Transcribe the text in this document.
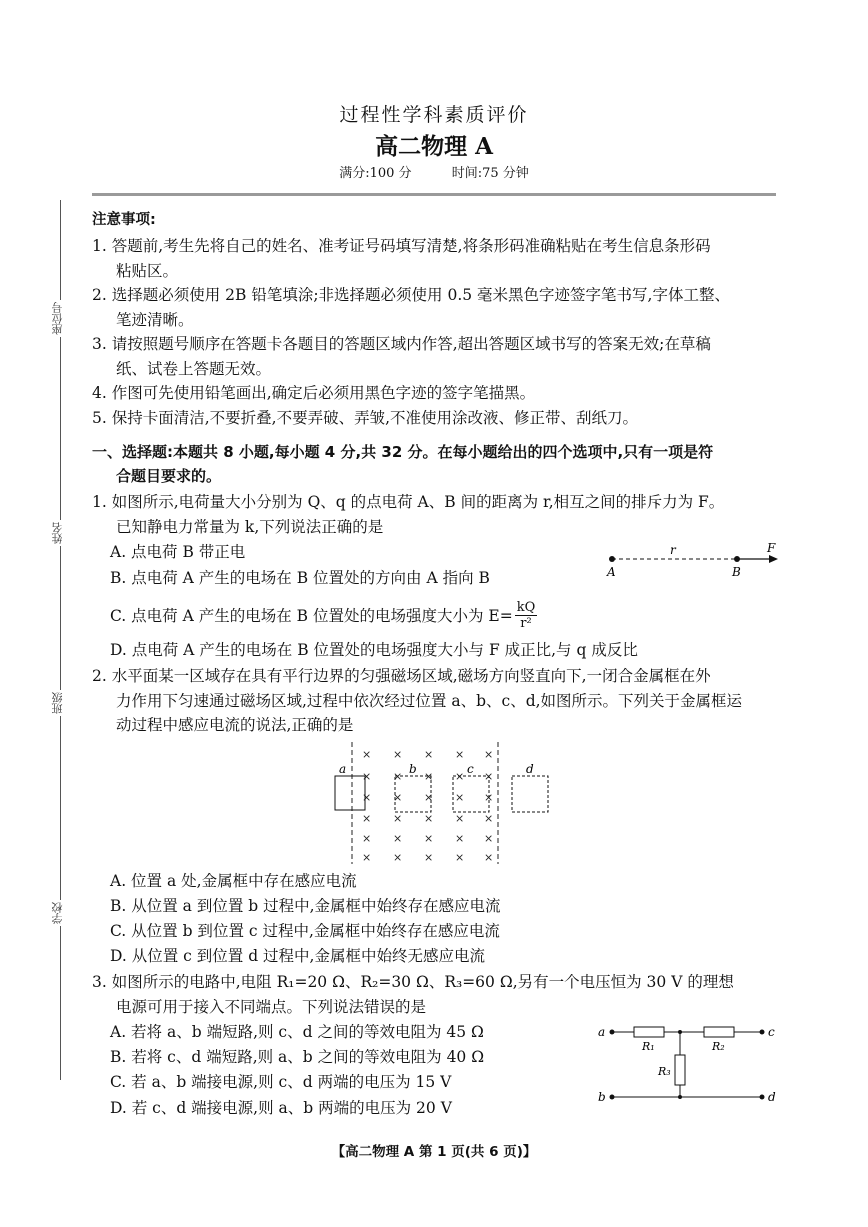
过程性学科素质评价
高二物理 A
满分:100 分	时间:75 分钟
座位号
姓名
班级
学校
注意事项:
1. 答题前,考生先将自己的姓名、准考证号码填写清楚,将条形码准确粘贴在考生信息条形码
粘贴区。
2. 选择题必须使用 2B 铅笔填涂;非选择题必须使用 0.5 毫米黑色字迹签字笔书写,字体工整、
笔迹清晰。
3. 请按照题号顺序在答题卡各题目的答题区域内作答,超出答题区域书写的答案无效;在草稿
纸、试卷上答题无效。
4. 作图可先使用铅笔画出,确定后必须用黑色字迹的签字笔描黑。
5. 保持卡面清洁,不要折叠,不要弄破、弄皱,不准使用涂改液、修正带、刮纸刀。
一、选择题:本题共 8 小题,每小题 4 分,共 32 分。在每小题给出的四个选项中,只有一项是符
合题目要求的。
1. 如图所示,电荷量大小分别为 Q、q 的点电荷 A、B 间的距离为 r,相互之间的排斥力为 F。
已知静电力常量为 k,下列说法正确的是
A. 点电荷 B 带正电
B. 点电荷 A 产生的电场在 B 位置处的方向由 A 指向 B
C. 点电荷 A 产生的电场在 B 位置处的电场强度大小为 $E= \frac{kQ}{\text{r²}}$
D. 点电荷 A 产生的电场在 B 位置处的电场强度大小与 F 成正比,与 q 成反比
A	B
r	F
2. 水平面某一区域存在具有平行边界的匀强磁场区域,磁场方向竖直向下,一闭合金属框在外
力作用下匀速通过磁场区域,过程中依次经过位置 a、b、c、d,如图所示。下列关于金属框运
动过程中感应电流的说法,正确的是
× × × × ×
× × × × ×
× × × × ×
× × × × ×
× × × × ×
× × × × ×
a	b	c	d
A. 位置 a 处,金属框中存在感应电流
B. 从位置 a 到位置 b 过程中,金属框中始终存在感应电流
C. 从位置 b 到位置 c 过程中,金属框中始终存在感应电流
D. 从位置 c 到位置 d 过程中,金属框中始终无感应电流
3. 如图所示的电路中,电阻 R₁=20 Ω、R₂=30 Ω、R₃=60 Ω,另有一个电压恒为 30 V 的理想
电源可用于接入不同端点。下列说法错误的是
A. 若将 a、b 端短路,则 c、d 之间的等效电阻为 45 Ω
B. 若将 c、d 端短路,则 a、b 之间的等效电阻为 40 Ω
C. 若 a、b 端接电源,则 c、d 两端的电压为 15 V
D. 若 c、d 端接电源,则 a、b 两端的电压为 20 V
a	c
b	d
R₁	R₂
R₃
【高二物理 A 第 1 页(共 6 页)】
